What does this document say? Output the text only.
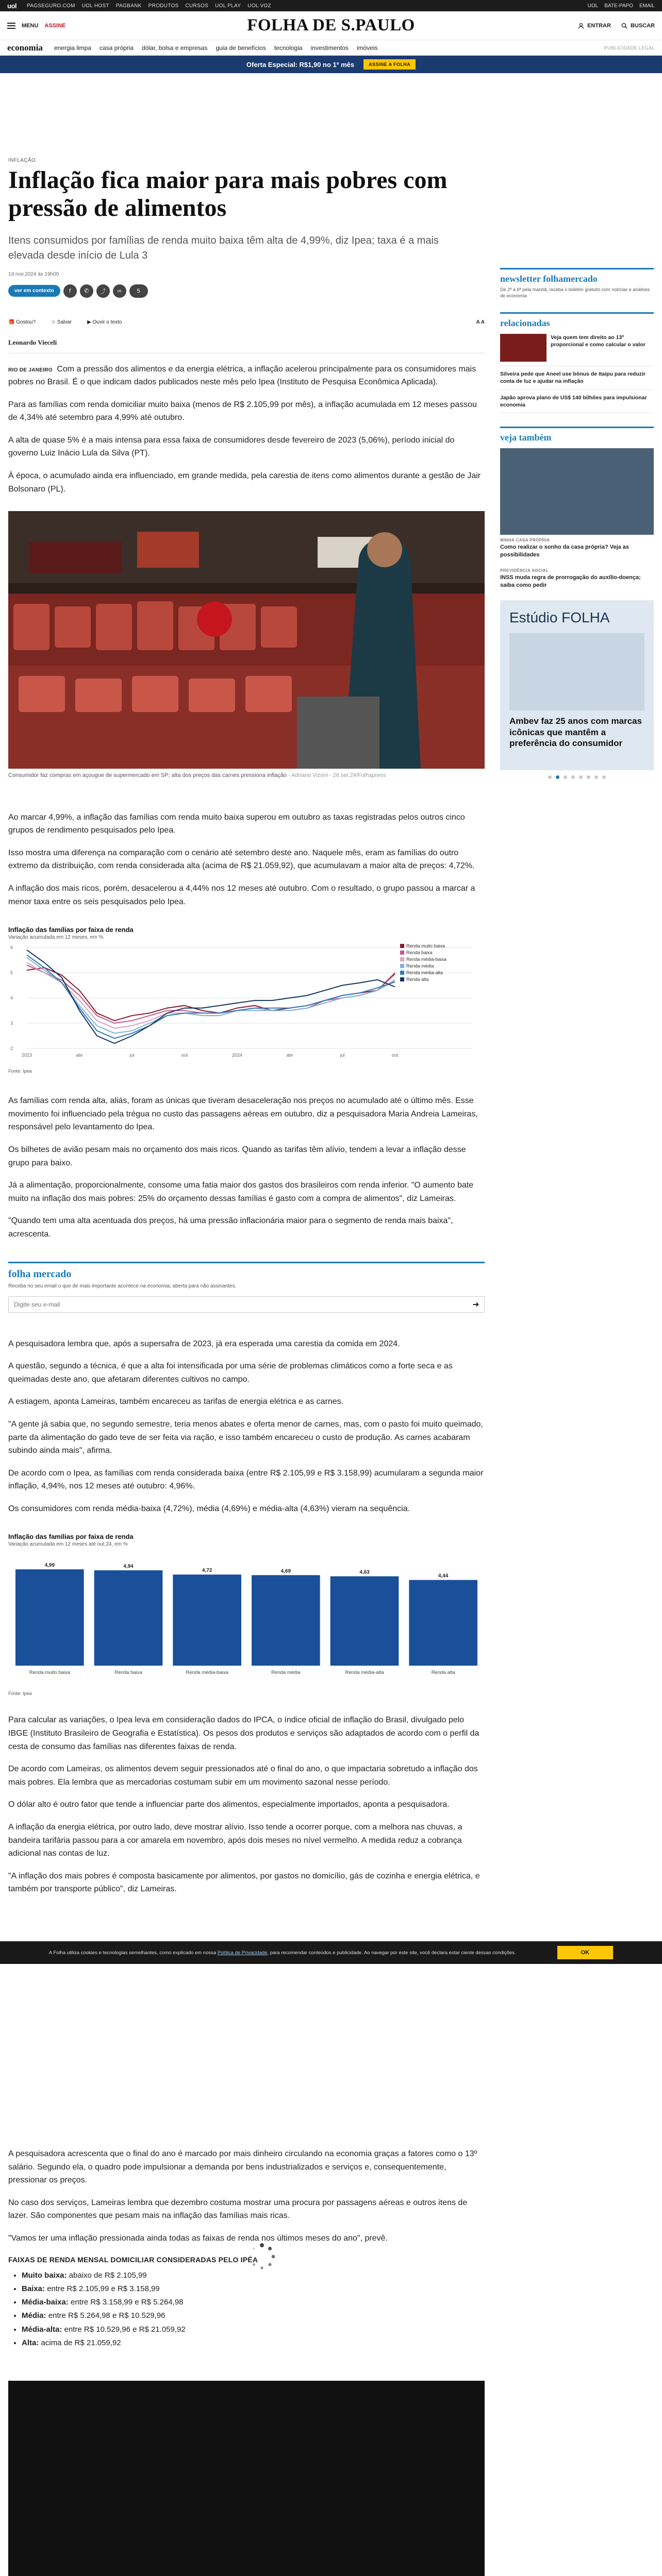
uol PAGSEGURO.COM UOL HOST PAGBANK PRODUTOS CURSOS UOL PLAY UOL VOZ	UOL BATE-PAPO EMAIL
MENU ASSINE	FOLHA DE S.PAULO	ENTRAR	BUSCAR
economia energia limpa casa própria dólar, bolsa e empresas guia de benefícios tecnologia investimentos imóveis	PUBLICIDADE LEGAL
Oferta Especial: R$1,90 no 1º mês	ASSINE A FOLHA
INFLAÇÃO
Inflação fica maior para mais pobres com pressão de alimentos
Itens consumidos por famílias de renda muito baixa têm alta de 4,99%, diz Ipea; taxa é a mais elevada desde início de Lula 3
14.nov.2024 às 19h00
ver em contexto	f	✆	⤴	∞	5
🎁 Gostou?	☆ Salvar	▶ Ouvir o texto	A A
Leonardo Vieceli

RIO DE JANEIRO Com a pressão dos alimentos e da energia elétrica, a inflação acelerou principalmente para os consumidores mais pobres no Brasil. É o que indicam dados publicados neste mês pelo Ipea (Instituto de Pesquisa Econômica Aplicada).

Para as famílias com renda domiciliar muito baixa (menos de R$ 2.105,99 por mês), a inflação acumulada em 12 meses passou de 4,34% até setembro para 4,99% até outubro.

A alta de quase 5% é a mais intensa para essa faixa de consumidores desde fevereiro de 2023 (5,06%), período inicial do governo Luiz Inácio Lula da Silva (PT).

À época, o acumulado ainda era influenciado, em grande medida, pela carestia de itens como alimentos durante a gestão de Jair Bolsonaro (PL).

Consumidor faz compras em açougue de supermercado em SP; alta dos preços das carnes pressiona inflação - Adriano Vizoni - 26.set.24/Folhapress

Ao marcar 4,99%, a inflação das famílias com renda muito baixa superou em outubro as taxas registradas pelos outros cinco grupos de rendimento pesquisados pelo Ipea.

Isso mostra uma diferença na comparação com o cenário até setembro deste ano. Naquele mês, eram as famílias do outro extremo da distribuição, com renda considerada alta (acima de R$ 21.059,92), que acumulavam a maior alta de preços: 4,72%.

A inflação dos mais ricos, porém, desacelerou a 4,44% nos 12 meses até outubro. Com o resultado, o grupo passou a marcar a menor taxa entre os seis pesquisados pelo Ipea.

Inflação das famílias por faixa de renda
Variação acumulada em 12 meses, em %
6
5
4
3
2
2023	abr	jul	out	2024	abr	jul	out
Renda muito baixa
Renda baixa
Renda média-baixa
Renda média
Renda média-alta
Renda alta
Fonte: Ipea

As famílias com renda alta, aliás, foram as únicas que tiveram desaceleração nos preços no acumulado até o último mês. Esse movimento foi influenciado pela trégua no custo das passagens aéreas em outubro, diz a pesquisadora Maria Andreia Lameiras, responsável pelo levantamento do Ipea.

Os bilhetes de avião pesam mais no orçamento dos mais ricos. Quando as tarifas têm alívio, tendem a levar a inflação desse grupo para baixo.

Já a alimentação, proporcionalmente, consome uma fatia maior dos gastos dos brasileiros com renda inferior. "O aumento bate muito na inflação dos mais pobres: 25% do orçamento dessas famílias é gasto com a compra de alimentos", diz Lameiras.

"Quando tem uma alta acentuada dos preços, há uma pressão inflacionária maior para o segmento de renda mais baixa", acrescenta.

folha mercado
Receba no seu email o que de mais importante acontece na economia; aberta para não assinantes.
Digite seu e-mail
➜

A pesquisadora lembra que, após a supersafra de 2023, já era esperada uma carestia da comida em 2024.

A questão, segundo a técnica, é que a alta foi intensificada por uma série de problemas climáticos como a forte seca e as queimadas deste ano, que afetaram diferentes cultivos no campo.

A estiagem, aponta Lameiras, também encareceu as tarifas de energia elétrica e as carnes.

"A gente já sabia que, no segundo semestre, teria menos abates e oferta menor de carnes, mas, com o pasto foi muito queimado, parte da alimentação do gado teve de ser feita via ração, e isso também encareceu o custo de produção. As carnes acabaram subindo ainda mais", afirma.

De acordo com o Ipea, as famílias com renda considerada baixa (entre R$ 2.105,99 e R$ 3.158,99) acumularam a segunda maior inflação, 4,94%, nos 12 meses até outubro: 4,96%.

Os consumidores com renda média-baixa (4,72%), média (4,69%) e média-alta (4,63%) vieram na sequência.

Inflação das famílias por faixa de renda
Variação acumulada em 12 meses até out.24, em %
4,99
Renda muito baixa
4,94
Renda baixa
4,72
Renda média-baixa
4,69
Renda média
4,63
Renda média-alta
4,44
Renda alta
Fonte: Ipea

Para calcular as variações, o Ipea leva em consideração dados do IPCA, o índice oficial de inflação do Brasil, divulgado pelo IBGE (Instituto Brasileiro de Geografia e Estatística). Os pesos dos produtos e serviços são adaptados de acordo com o perfil da cesta de consumo das famílias nas diferentes faixas de renda.

De acordo com Lameiras, os alimentos devem seguir pressionados até o final do ano, o que impactaria sobretudo a inflação dos mais pobres. Ela lembra que as mercadorias costumam subir em um movimento sazonal nesse período.

O dólar alto é outro fator que tende a influenciar parte dos alimentos, especialmente importados, aponta a pesquisadora.

A inflação da energia elétrica, por outro lado, deve mostrar alívio. Isso tende a ocorrer porque, com a melhora nas chuvas, a bandeira tarifária passou para a cor amarela em novembro, após dois meses no nível vermelho. A medida reduz a cobrança adicional nas contas de luz.

"A inflação dos mais pobres é composta basicamente por alimentos, por gastos no domicílio, gás de cozinha e energia elétrica, e também por transporte público", diz Lameiras.

A pesquisadora acrescenta que o final do ano é marcado por mais dinheiro circulando na economia graças a fatores como o 13º salário. Segundo ela, o quadro pode impulsionar a demanda por bens industrializados e serviços e, consequentemente, pressionar os preços.

No caso dos serviços, Lameiras lembra que dezembro costuma mostrar uma procura por passagens aéreas e outros itens de lazer. São componentes que pesam mais na inflação das famílias mais ricas.

"Vamos ter uma inflação pressionada ainda todas as faixas de renda nos últimos meses do ano", prevê.

FAIXAS DE RENDA MENSAL DOMICILIAR CONSIDERADAS PELO IPEA
• Muito baixa: abaixo de R$ 2.105,99
• Baixa: entre R$ 2.105,99 e R$ 3.158,99
• Média-baixa: entre R$ 3.158,99 e R$ 5.264,98
• Média: entre R$ 5.264,98 e R$ 10.529,96
• Média-alta: entre R$ 10.529,96 e R$ 21.059,92
• Alta: acima de R$ 21.059,92
newsletter folhamercado
De 2ª a 6ª pela manhã, receba o boletim gratuito com notícias e análises de economia
relacionadas
Veja quem tem direito ao 13º proporcional e como calcular o valor
Silveira pede que Aneel use bônus de Itaipu para reduzir conta de luz e ajudar na inflação
Japão aprova plano de US$ 140 bilhões para impulsionar economia
veja também
MINHA CASA PRÓPRIA
Como realizar o sonho da casa própria? Veja as possibilidades
PREVIDÊNCIA SOCIAL
INSS muda regra de prorrogação do auxílio-doença; saiba como pedir
Estúdio FOLHA
Ambev faz 25 anos com marcas icônicas que mantêm a preferência do consumidor
A Folha utiliza cookies e tecnologias semelhantes, como explicado em nossa Política de Privacidade, para recomendar conteúdos e publicidade. Ao navegar por este site, você declara estar ciente dessas condições.	OK
